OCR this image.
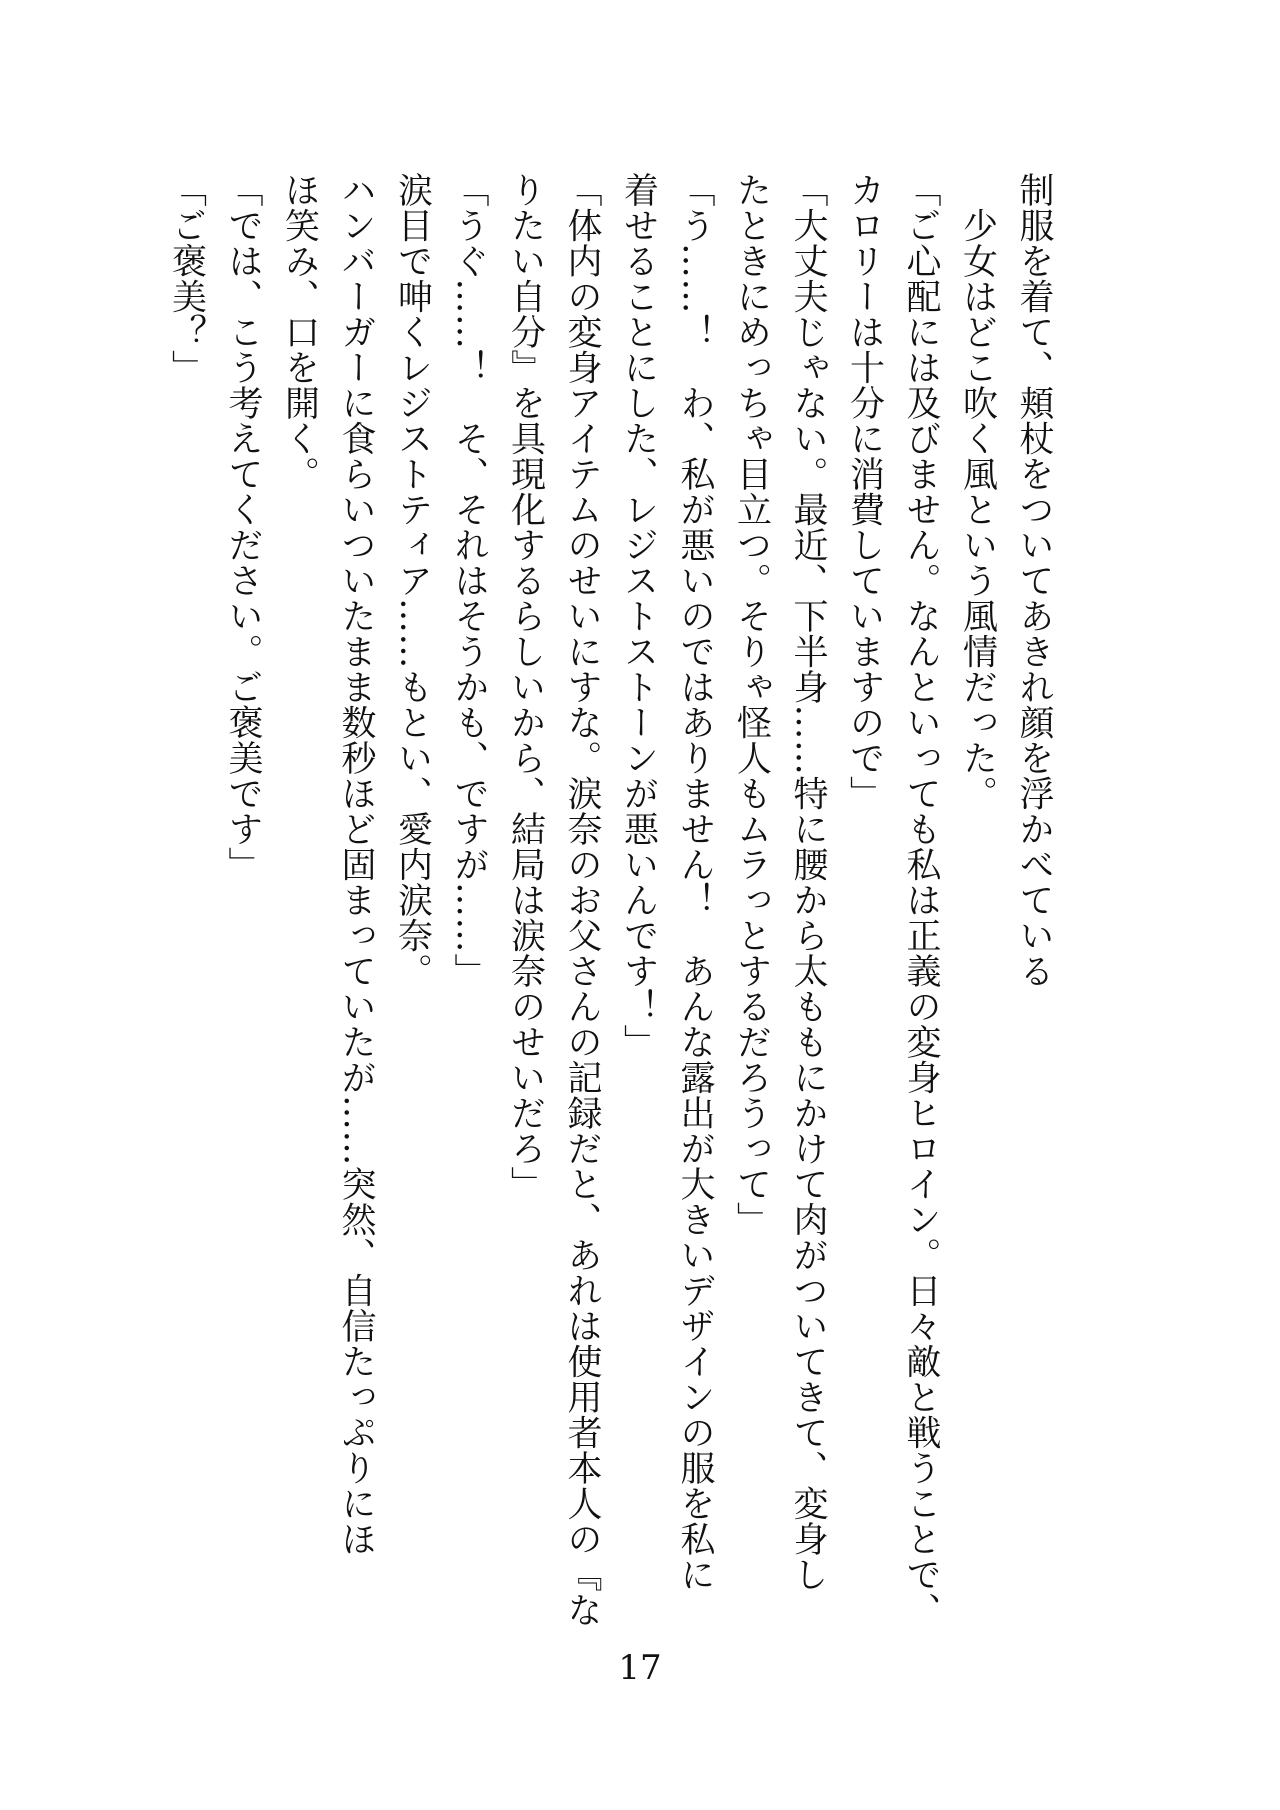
制服を着て、頬杖をついてあきれ顔を浮かべている
　少女はどこ吹く風という風情だった。
「ご心配には及びません。なんといっても私は正義の変身ヒロイン。日々敵と戦うことで、
カロリーは十分に消費していますので」
「大丈夫じゃない。最近、下半身……特に腰から太ももにかけて肉がついてきて、変身し
たときにめっちゃ目立つ。そりゃ怪人もムラっとするだろうって」
「う……！　わ、私が悪いのではありません！　あんな露出が大きいデザインの服を私に
着せることにした、レジストストーンが悪いんです！」
「体内の変身アイテムのせいにすな。涙奈のお父さんの記録だと、あれは使用者本人の『な
りたい自分』を具現化するらしいから、結局は涙奈のせいだろ」
「うぐ……！　そ、それはそうかも、ですが……」
涙目で呻くレジストティア……もとい、愛内涙奈。
ハンバーガーに食らいついたまま数秒ほど固まっていたが……突然、自信たっぷりにほ
ほ笑み、口を開く。
「では、こう考えてください。ご褒美です」
「ご褒美？」
17
